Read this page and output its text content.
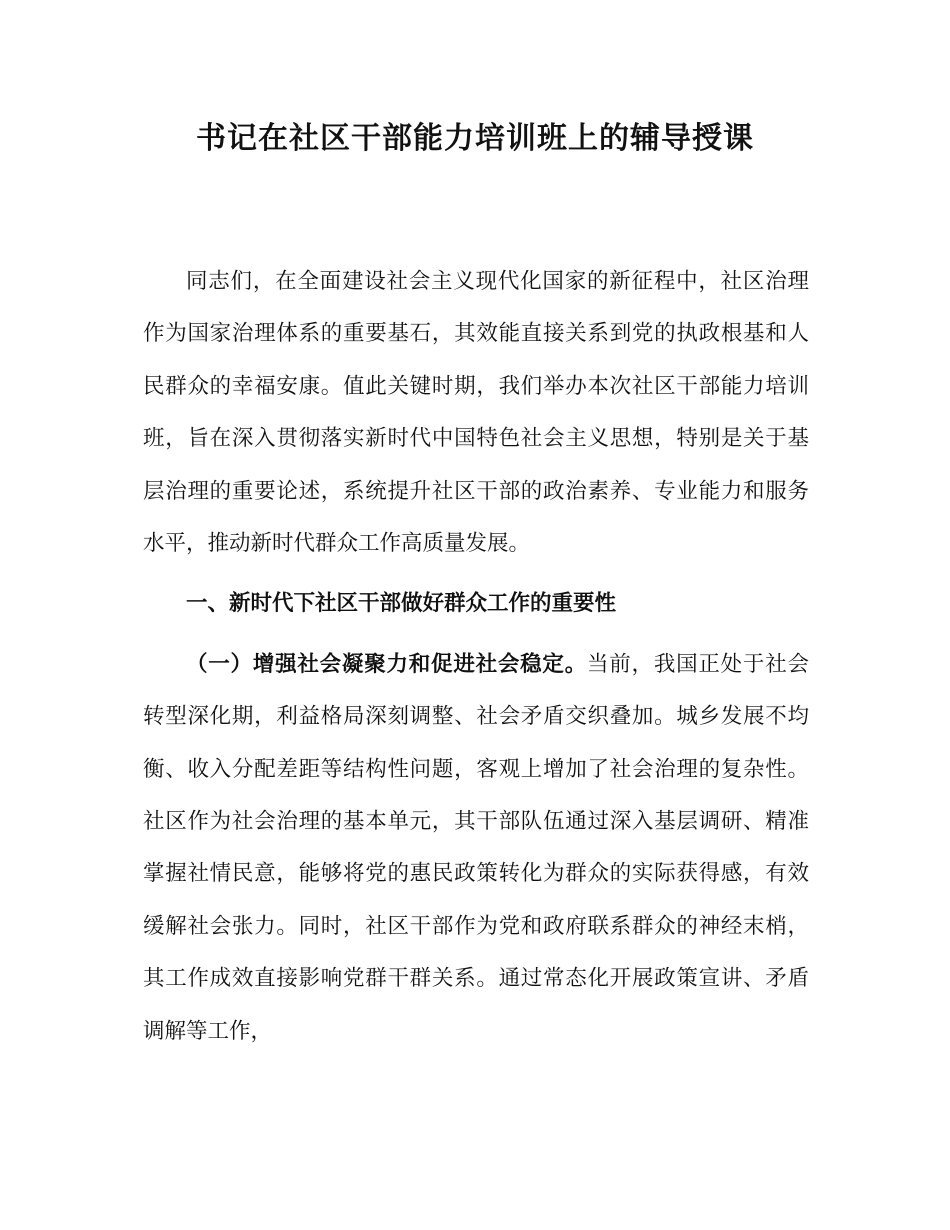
书记在社区干部能力培训班上的辅导授课

同志们，在全面建设社会主义现代化国家的新征程中，社区治理作为国家治理体系的重要基石，其效能直接关系到党的执政根基和人民群众的幸福安康。值此关键时期，我们举办本次社区干部能力培训班，旨在深入贯彻落实新时代中国特色社会主义思想，特别是关于基层治理的重要论述，系统提升社区干部的政治素养、专业能力和服务水平，推动新时代群众工作高质量发展。

一、新时代下社区干部做好群众工作的重要性

（一）增强社会凝聚力和促进社会稳定。当前，我国正处于社会转型深化期，利益格局深刻调整、社会矛盾交织叠加。城乡发展不均衡、收入分配差距等结构性问题，客观上增加了社会治理的复杂性。社区作为社会治理的基本单元，其干部队伍通过深入基层调研、精准掌握社情民意，能够将党的惠民政策转化为群众的实际获得感，有效缓解社会张力。同时，社区干部作为党和政府联系群众的神经末梢，其工作成效直接影响党群干群关系。通过常态化开展政策宣讲、矛盾调解等工作，
